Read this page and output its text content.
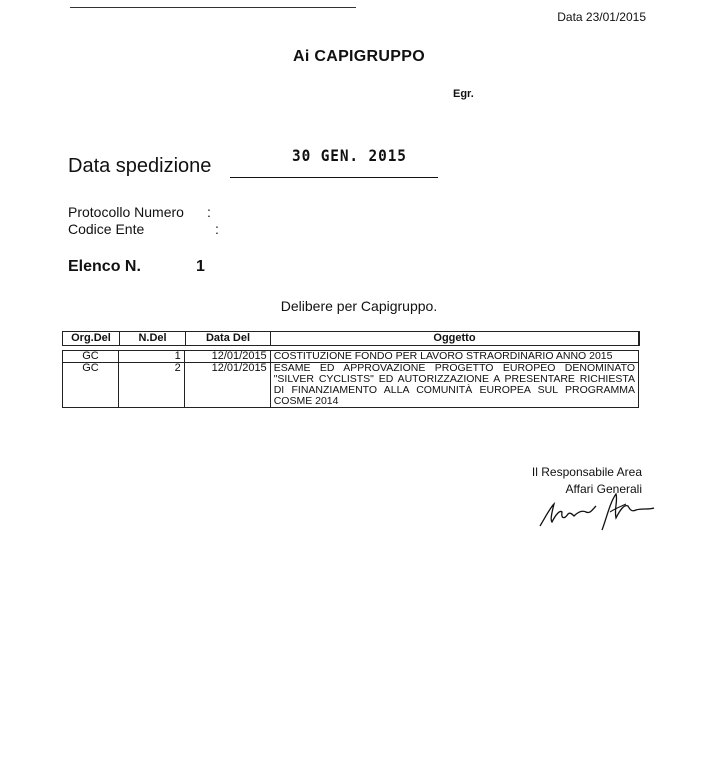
Data 23/01/2015
Ai CAPIGRUPPO
Egr.
Data spedizione	30 GEN. 2015
Protocollo Numero :
Codice Ente	:
Elenco N.	1
Delibere per Capigruppo.
Org.Del	N.Del	Data Del	Oggetto
GC	1	12/01/2015	COSTITUZIONE FONDO PER LAVORO STRAORDINARIO ANNO 2015
GC	2	12/01/2015	ESAME ED APPROVAZIONE PROGETTO EUROPEO DENOMINATO "SILVER CYCLISTS" ED AUTORIZZAZIONE A PRESENTARE RICHIESTA DI FINANZIAMENTO ALLA COMUNITÀ EUROPEA SUL PROGRAMMA COSME 2014
Il Responsabile Area
Affari Generali
